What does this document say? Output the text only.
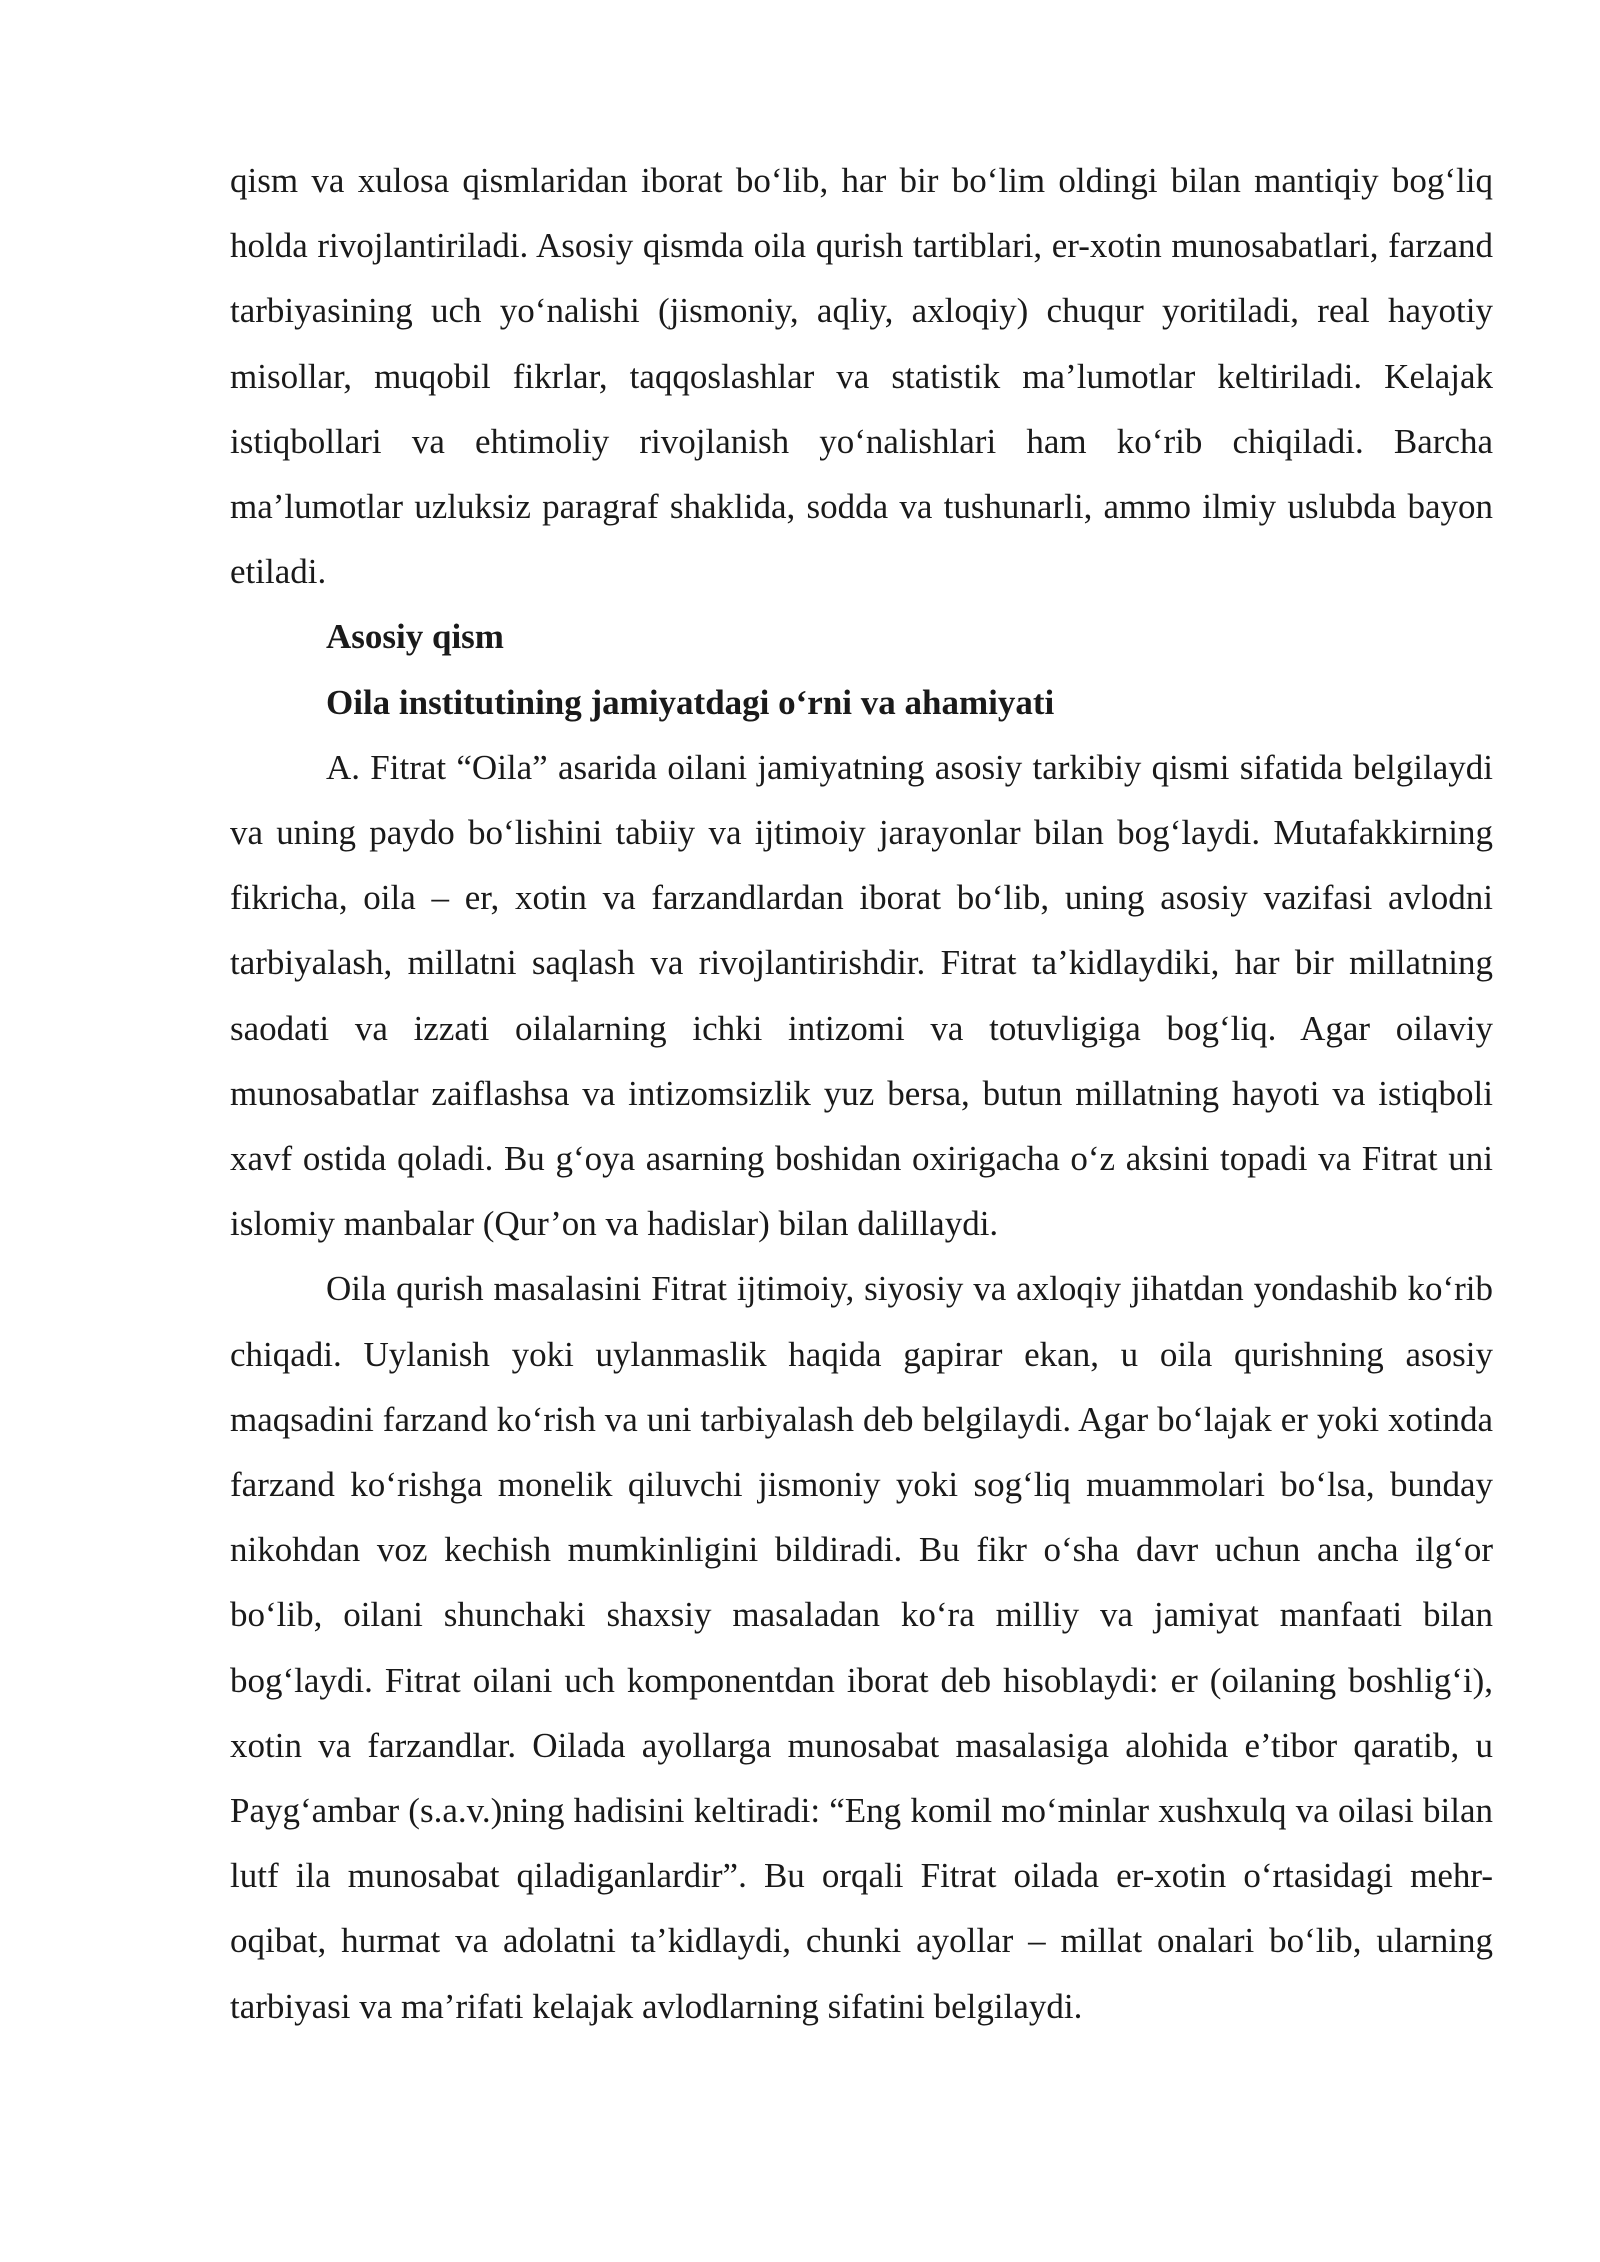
qism va xulosa qismlaridan iborat bo‘lib, har bir bo‘lim oldingi bilan mantiqiy bog‘liq holda rivojlantiriladi. Asosiy qismda oila qurish tartiblari, er-xotin munosabatlari, farzand tarbiyasining uch yo‘nalishi (jismoniy, aqliy, axloqiy) chuqur yoritiladi, real hayotiy misollar, muqobil fikrlar, taqqoslashlar va statistik ma’lumotlar keltiriladi. Kelajak istiqbollari va ehtimoliy rivojlanish yo‘nalishlari ham ko‘rib chiqiladi. Barcha ma’lumotlar uzluksiz paragraf shaklida, sodda va tushunarli, ammo ilmiy uslubda bayon etiladi.

Asosiy qism
Oila institutining jamiyatdagi o‘rni va ahamiyati

A. Fitrat “Oila” asarida oilani jamiyatning asosiy tarkibiy qismi sifatida belgilaydi va uning paydo bo‘lishini tabiiy va ijtimoiy jarayonlar bilan bog‘laydi. Mutafakkirning fikricha, oila – er, xotin va farzandlardan iborat bo‘lib, uning asosiy vazifasi avlodni tarbiyalash, millatni saqlash va rivojlantirishdir. Fitrat ta’kidlaydiki, har bir millatning saodati va izzati oilalarning ichki intizomi va totuvligiga bog‘liq. Agar oilaviy munosabatlar zaiflashsa va intizomsizlik yuz bersa, butun millatning hayoti va istiqboli xavf ostida qoladi. Bu g‘oya asarning boshidan oxirigacha o‘z aksini topadi va Fitrat uni islomiy manbalar (Qur’on va hadislar) bilan dalillaydi.

Oila qurish masalasini Fitrat ijtimoiy, siyosiy va axloqiy jihatdan yondashib ko‘rib chiqadi. Uylanish yoki uylanmaslik haqida gapirar ekan, u oila qurishning asosiy maqsadini farzand ko‘rish va uni tarbiyalash deb belgilaydi. Agar bo‘lajak er yoki xotinda farzand ko‘rishga monelik qiluvchi jismoniy yoki sog‘liq muammolari bo‘lsa, bunday nikohdan voz kechish mumkinligini bildiradi. Bu fikr o‘sha davr uchun ancha ilg‘or bo‘lib, oilani shunchaki shaxsiy masaladan ko‘ra milliy va jamiyat manfaati bilan bog‘laydi. Fitrat oilani uch komponentdan iborat deb hisoblaydi: er (oilaning boshlig‘i), xotin va farzandlar. Oilada ayollarga munosabat masalasiga alohida e’tibor qaratib, u Payg‘ambar (s.a.v.)ning hadisini keltiradi: “Eng komil mo‘minlar xushxulq va oilasi bilan lutf ila munosabat qiladiganlardir”. Bu orqali Fitrat oilada er-xotin o‘rtasidagi mehr-oqibat, hurmat va adolatni ta’kidlaydi, chunki ayollar – millat onalari bo‘lib, ularning tarbiyasi va ma’rifati kelajak avlodlarning sifatini belgilaydi.
